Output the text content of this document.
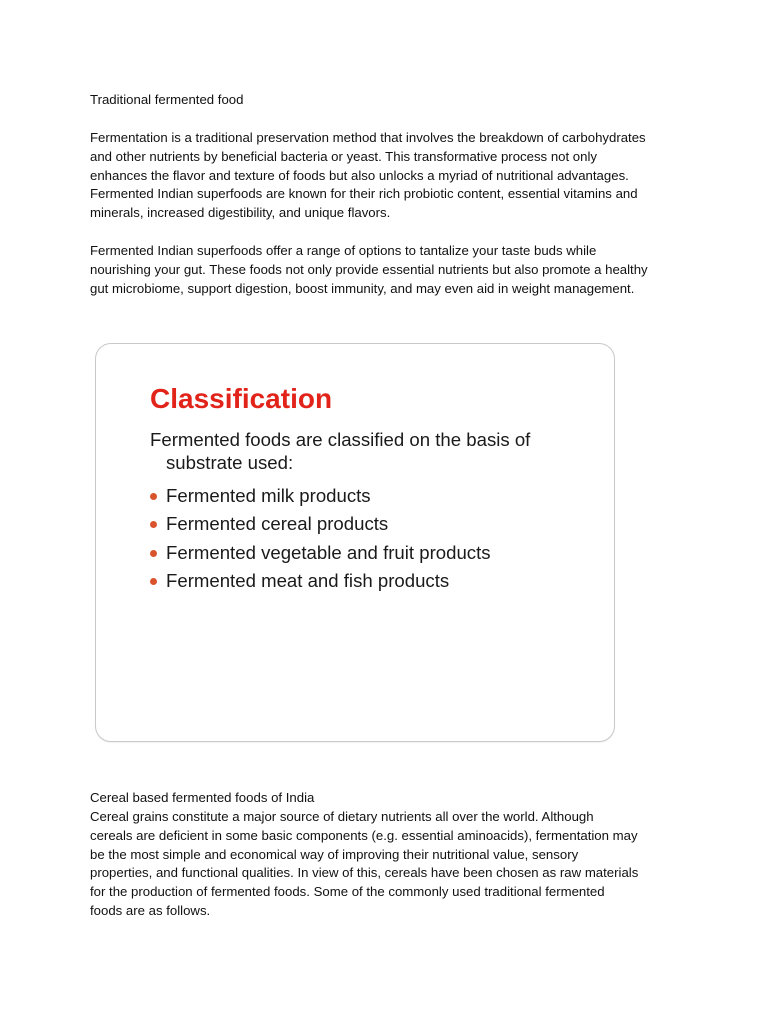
Traditional fermented food

Fermentation is a traditional preservation method that involves the breakdown of carbohydrates
and other nutrients by beneficial bacteria or yeast. This transformative process not only
enhances the flavor and texture of foods but also unlocks a myriad of nutritional advantages.
Fermented Indian superfoods are known for their rich probiotic content, essential vitamins and
minerals, increased digestibility, and unique flavors.

Fermented Indian superfoods offer a range of options to tantalize your taste buds while
nourishing your gut. These foods not only provide essential nutrients but also promote a healthy
gut microbiome, support digestion, boost immunity, and may even aid in weight management.

Classification

Fermented foods are classified on the basis of
substrate used:

Fermented milk products
Fermented cereal products
Fermented vegetable and fruit products
Fermented meat and fish products

Cereal based fermented foods of India

Cereal grains constitute a major source of dietary nutrients all over the world. Although
cereals are deficient in some basic components (e.g. essential aminoacids), fermentation may
be the most simple and economical way of improving their nutritional value, sensory
properties, and functional qualities. In view of this, cereals have been chosen as raw materials
for the production of fermented foods. Some of the commonly used traditional fermented
foods are as follows.
